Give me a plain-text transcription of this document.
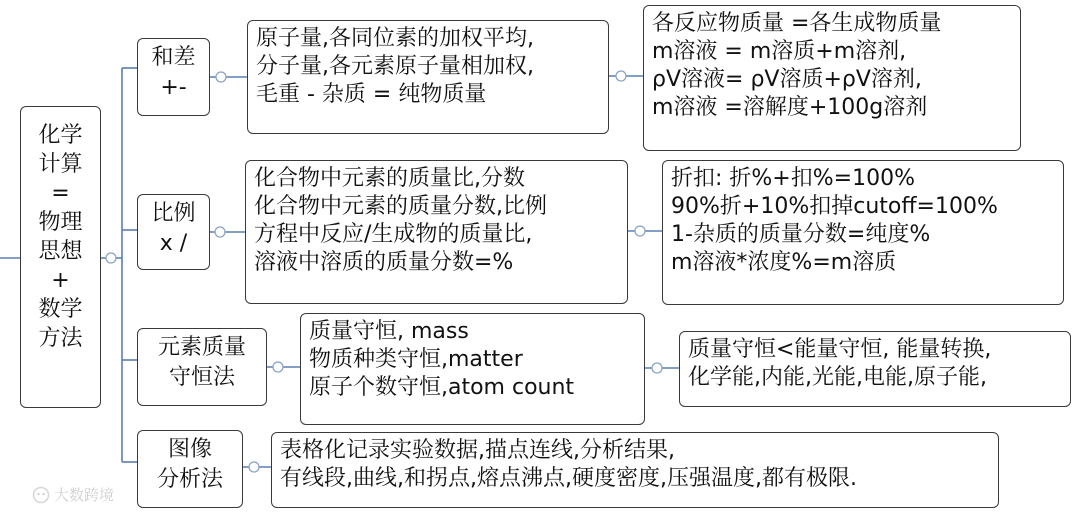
化学
计算
=
物理
思想
+
数学
方法
和差
+-
原子量,各同位素的加权平均,
分子量,各元素原子量相加权,
毛重 - 杂质 = 纯物质量
各反应物质量 =各生成物质量
m溶液 = m溶质+m溶剂,
ρV溶液= ρV溶质+ρV溶剂,
m溶液 =溶解度+100g溶剂
比例
x /
化合物中元素的质量比,分数
化合物中元素的质量分数,比例
方程中反应/生成物的质量比,
溶液中溶质的质量分数=%
折扣: 折%+扣%=100%
90%折+10%扣掉cutoff=100%
1-杂质的质量分数=纯度%
m溶液*浓度%=m溶质
元素质量
守恒法
质量守恒, mass
物质种类守恒,matter
原子个数守恒,atom count
质量守恒<能量守恒, 能量转换,
化学能,内能,光能,电能,原子能,
图像
分析法
表格化记录实验数据,描点连线,分析结果,
有线段,曲线,和拐点,熔点沸点,硬度密度,压强温度,都有极限.
大数跨境
